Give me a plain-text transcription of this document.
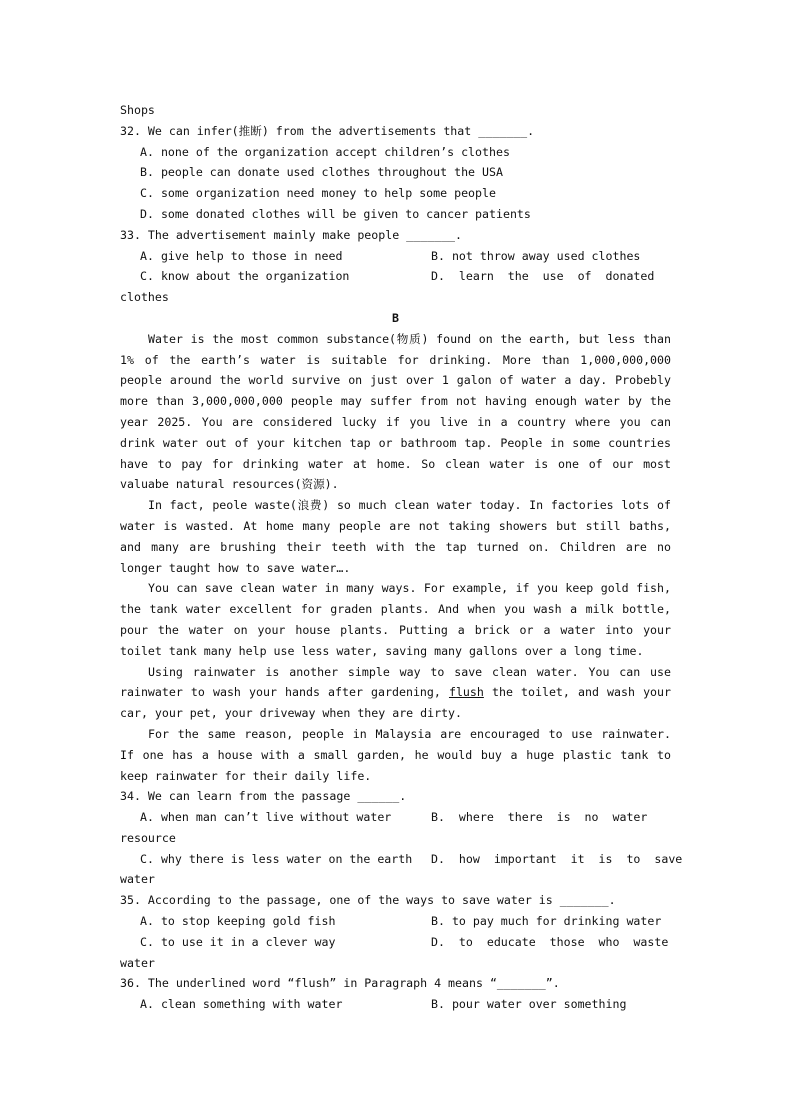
Shops
32. We can infer(推断) from the advertisements that _______.
A. none of the organization accept children’s clothes
B. people can donate used clothes throughout the USA
C. some organization need money to help some people
D. some donated clothes will be given to cancer patients
33. The advertisement mainly make people _______.
A. give help to those in need	B. not throw away used clothes
C. know about the organization	D.  learn  the  use  of  donated
clothes
B
Water is the most common substance(物质) found on the earth, but less than 1% of the earth’s water is suitable for drinking. More than 1,000,000,000 people around the world survive on just over 1 galon of water a day. Probebly more than 3,000,000,000 people may suffer from not having enough water by the year 2025. You are considered lucky if you live in a country where you can drink water out of your kitchen tap or bathroom tap. People in some countries have to pay for drinking water at home. So clean water is one of our most valuabe natural resources(资源).
In fact, peole waste(浪费) so much clean water today. In factories lots of water is wasted. At home many people are not taking showers but still baths, and many are brushing their teeth with the tap turned on. Children are no longer taught how to save water….
You can save clean water in many ways. For example, if you keep gold fish, the tank water excellent for graden plants. And when you wash a milk bottle, pour the water on your house plants. Putting a brick or a water into your toilet tank many help use less water, saving many gallons over a long time.
Using rainwater is another simple way to save clean water. You can use rainwater to wash your hands after gardening, flush the toilet, and wash your car, your pet, your driveway when they are dirty.
For the same reason, people in Malaysia are encouraged to use rainwater. If one has a house with a small garden, he would buy a huge plastic tank to keep rainwater for their daily life.
34. We can learn from the passage ______.
A. when man can’t live without water	B.  where  there  is  no  water
resource
C. why there is less water on the earth	D.  how  important  it  is  to  save
water
35. According to the passage, one of the ways to save water is _______.
A. to stop keeping gold fish	B. to pay much for drinking water
C. to use it in a clever way	D.  to  educate  those  who  waste
water
36. The underlined word “flush” in Paragraph 4 means “_______”.
A. clean something with water	B. pour water over something
